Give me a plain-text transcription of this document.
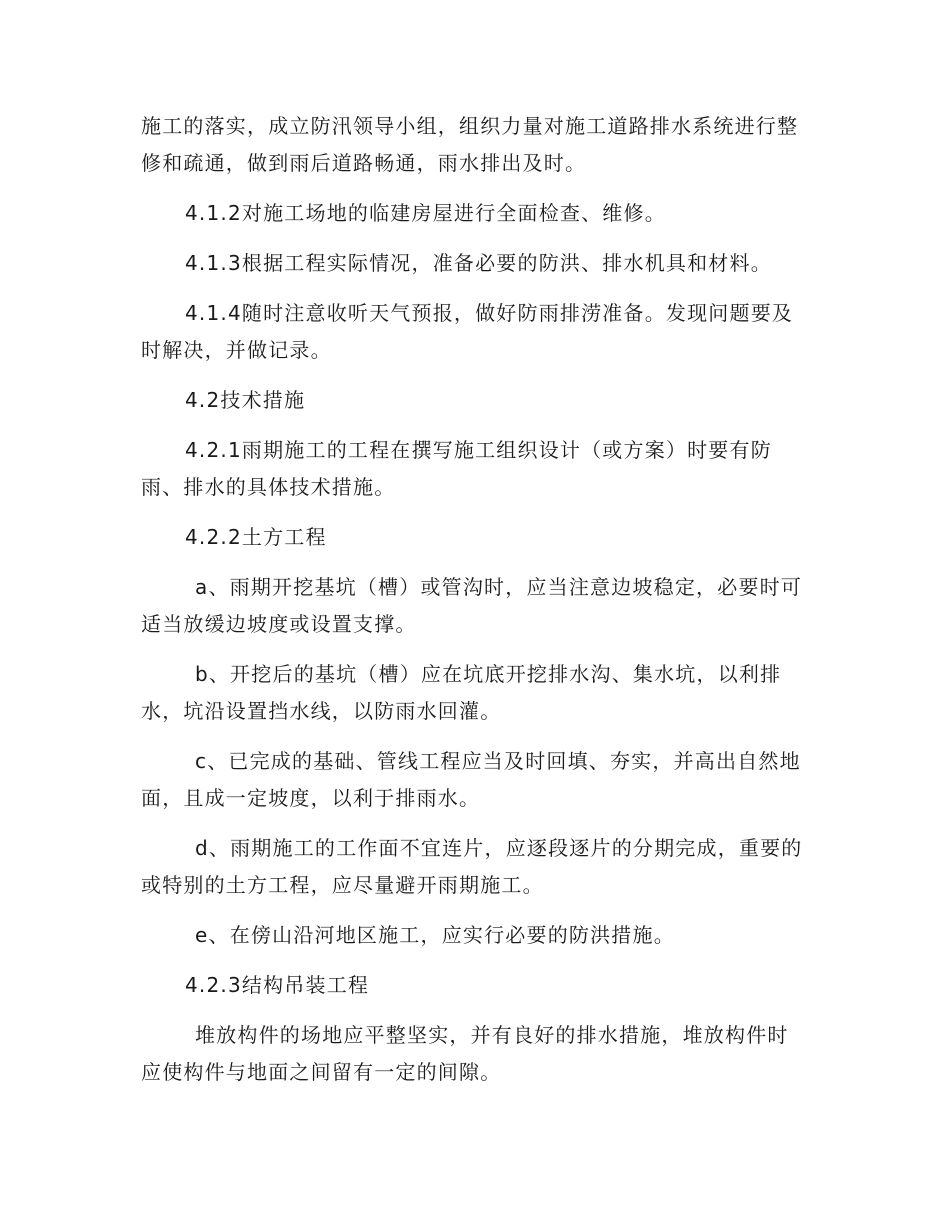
施工的落实，成立防汛领导小组，组织力量对施工道路排水系统进行整修和疏通，做到雨后道路畅通，雨水排出及时。

4.1.2对施工场地的临建房屋进行全面检查、维修。

4.1.3根据工程实际情况，准备必要的防洪、排水机具和材料。

4.1.4随时注意收听天气预报，做好防雨排涝准备。发现问题要及时解决，并做记录。

4.2技术措施

4.2.1雨期施工的工程在撰写施工组织设计（或方案）时要有防雨、排水的具体技术措施。

4.2.2土方工程

a、雨期开挖基坑（槽）或管沟时，应当注意边坡稳定，必要时可适当放缓边坡度或设置支撑。

b、开挖后的基坑（槽）应在坑底开挖排水沟、集水坑，以利排水，坑沿设置挡水线，以防雨水回灌。

c、已完成的基础、管线工程应当及时回填、夯实，并高出自然地面，且成一定坡度，以利于排雨水。

d、雨期施工的工作面不宜连片，应逐段逐片的分期完成，重要的或特别的土方工程，应尽量避开雨期施工。

e、在傍山沿河地区施工，应实行必要的防洪措施。

4.2.3结构吊装工程

堆放构件的场地应平整坚实，并有良好的排水措施，堆放构件时应使构件与地面之间留有一定的间隙。
